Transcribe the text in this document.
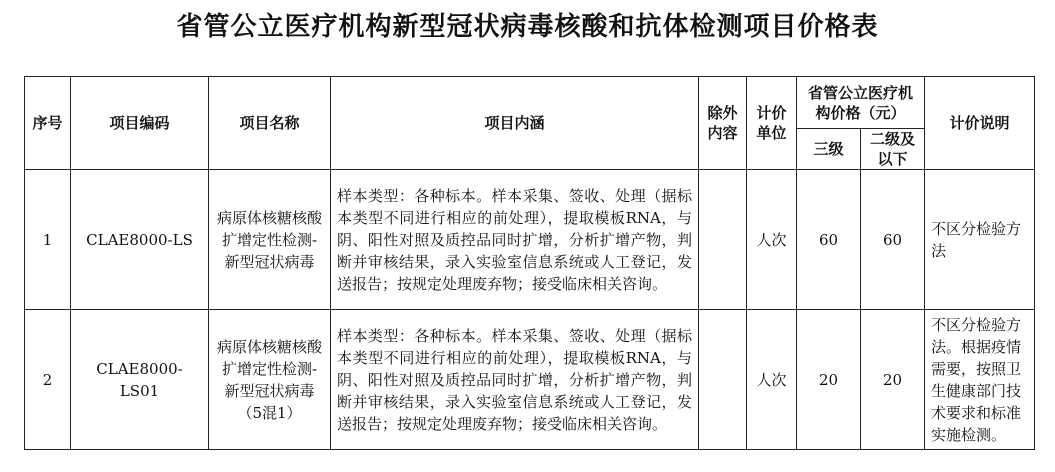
省管公立医疗机构新型冠状病毒核酸和抗体检测项目价格表
序号	项目编码	项目名称	项目内涵	除外内容	计价单位	省管公立医疗机构价格（元）		计价说明
						三级	二级及以下	
1	CLAE8000-LS	病原体核糖核酸扩增定性检测-新型冠状病毒	样本类型：各种标本。样本采集、签收、处理（据标本类型不同进行相应的前处理），提取模板RNA，与阴、阳性对照及质控品同时扩增，分析扩增产物，判断并审核结果，录入实验室信息系统或人工登记，发送报告；按规定处理废弃物；接受临床相关咨询。		人次	60	60	不区分检验方法
2	CLAE8000-LS01	病原体核糖核酸扩增定性检测-新型冠状病毒（5混1）	样本类型：各种标本。样本采集、签收、处理（据标本类型不同进行相应的前处理），提取模板RNA，与阴、阳性对照及质控品同时扩增，分析扩增产物，判断并审核结果，录入实验室信息系统或人工登记，发送报告；按规定处理废弃物；接受临床相关咨询。		人次	20	20	不区分检验方法。根据疫情需要，按照卫生健康部门技术要求和标准实施检测。
